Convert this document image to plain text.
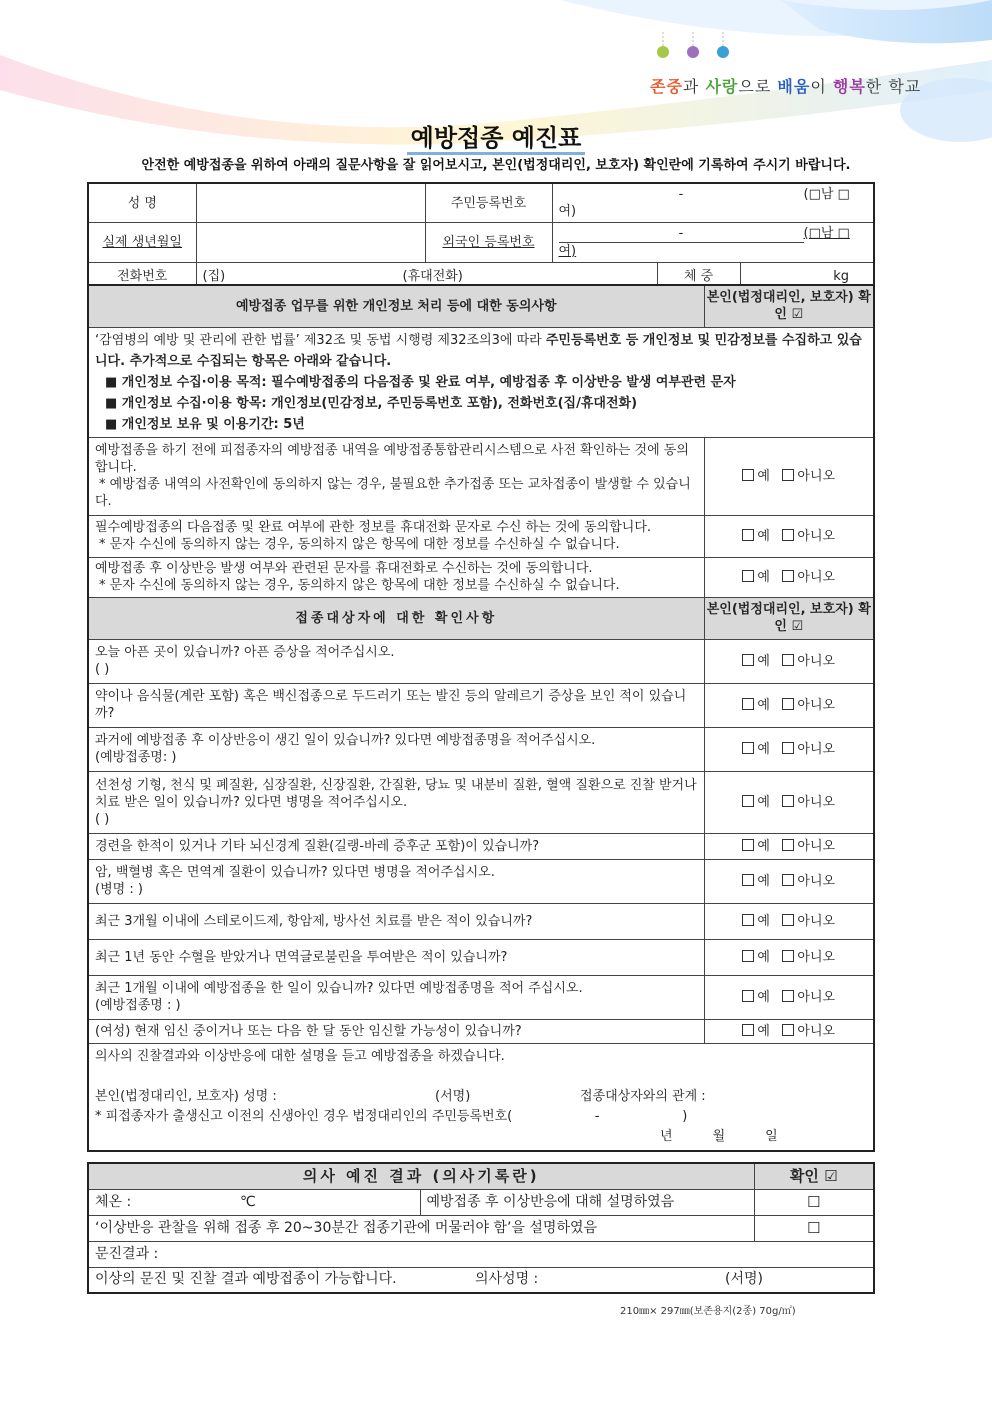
존중과 사랑으로 배움이 행복한 학교
예방접종 예진표
안전한 예방접종을 위하여 아래의 질문사항을 잘 읽어보시고, 본인(법정대리인, 보호자) 확인란에 기록하여 주시기 바랍니다.
성 명		주민등록번호	- (□남 □여)		
실제 생년월일		외국인 등록번호	- (□남 □여)		
전화번호	(집) (휴대전화)			체 중	kg
예방접종 업무를 위한 개인정보 처리 등에 대한 동의사항	본인(법정대리인, 보호자) 확인 ☑
‘감염병의 예방 및 관리에 관한 법률’ 제32조 및 동법 시행령 제32조의3에 따라 주민등록번호 등 개인정보 및 민감정보를 수집하고 있습니다. 추가적으로 수집되는 항목은 아래와 같습니다.
■ 개인정보 수집·이용 목적: 필수예방접종의 다음접종 및 완료 여부, 예방접종 후 이상반응 발생 여부관련 문자
■ 개인정보 수집·이용 항목: 개인정보(민감정보, 주민등록번호 포함), 전화번호(집/휴대전화)
■ 개인정보 보유 및 이용기간: 5년	
예방접종을 하기 전에 피접종자의 예방접종 내역을 예방접종통합관리시스템으로 사전 확인하는 것에 동의합니다.
* 예방접종 내역의 사전확인에 동의하지 않는 경우, 불필요한 추가접종 또는 교차접종이 발생할 수 있습니다.	예 아니오
필수예방접종의 다음접종 및 완료 여부에 관한 정보를 휴대전화 문자로 수신 하는 것에 동의합니다.
* 문자 수신에 동의하지 않는 경우, 동의하지 않은 항목에 대한 정보를 수신하실 수 없습니다.	예 아니오
예방접종 후 이상반응 발생 여부와 관련된 문자를 휴대전화로 수신하는 것에 동의합니다.
* 문자 수신에 동의하지 않는 경우, 동의하지 않은 항목에 대한 정보를 수신하실 수 없습니다.	예 아니오
접종대상자에 대한 확인사항	본인(법정대리인, 보호자) 확인 ☑
오늘 아픈 곳이 있습니까? 아픈 증상을 적어주십시오.
( )	예 아니오
약이나 음식물(계란 포함) 혹은 백신접종으로 두드러기 또는 발진 등의 알레르기 증상을 보인 적이 있습니까?	예 아니오
과거에 예방접종 후 이상반응이 생긴 일이 있습니까? 있다면 예방접종명을 적어주십시오.
(예방접종명: )	예 아니오
선천성 기형, 천식 및 폐질환, 심장질환, 신장질환, 간질환, 당뇨 및 내분비 질환, 혈액 질환으로 진찰 받거나 치료 받은 일이 있습니까? 있다면 병명을 적어주십시오.
( )	예 아니오
경련을 한적이 있거나 기타 뇌신경계 질환(길랭-바레 증후군 포함)이 있습니까?	예 아니오
암, 백혈병 혹은 면역계 질환이 있습니까? 있다면 병명을 적어주십시오.
(병명 : )	예 아니오
최근 3개월 이내에 스테로이드제, 항암제, 방사선 치료를 받은 적이 있습니까?	예 아니오
최근 1년 동안 수혈을 받았거나 면역글로불린을 투여받은 적이 있습니까?	예 아니오
최근 1개월 이내에 예방접종을 한 일이 있습니까? 있다면 예방접종명을 적어 주십시오.
(예방접종명 : )	예 아니오
(여성) 현재 임신 중이거나 또는 다음 한 달 동안 임신할 가능성이 있습니까?	예 아니오

의사의 진찰결과와 이상반응에 대한 설명을 듣고 예방접종을 하겠습니다.
본인(법정대리인, 보호자) 성명 : (서명) 접종대상자와의 관계 :
* 피접종자가 출생신고 이전의 신생아인 경우 법정대리인의 주민등록번호( - )
년 월 일	
의사 예진 결과 (의사기록란)		확인 ☑
체온 : ℃	예방접종 후 이상반응에 대해 설명하였음	☐
‘이상반응 관찰을 위해 접종 후 20~30분간 접종기관에 머물러야 함’을 설명하였음		☐
문진결과 :		
이상의 문진 및 진찰 결과 예방접종이 가능합니다. 의사성명 : (서명)		
210㎜× 297㎜(보존용지(2종) 70g/㎡)
